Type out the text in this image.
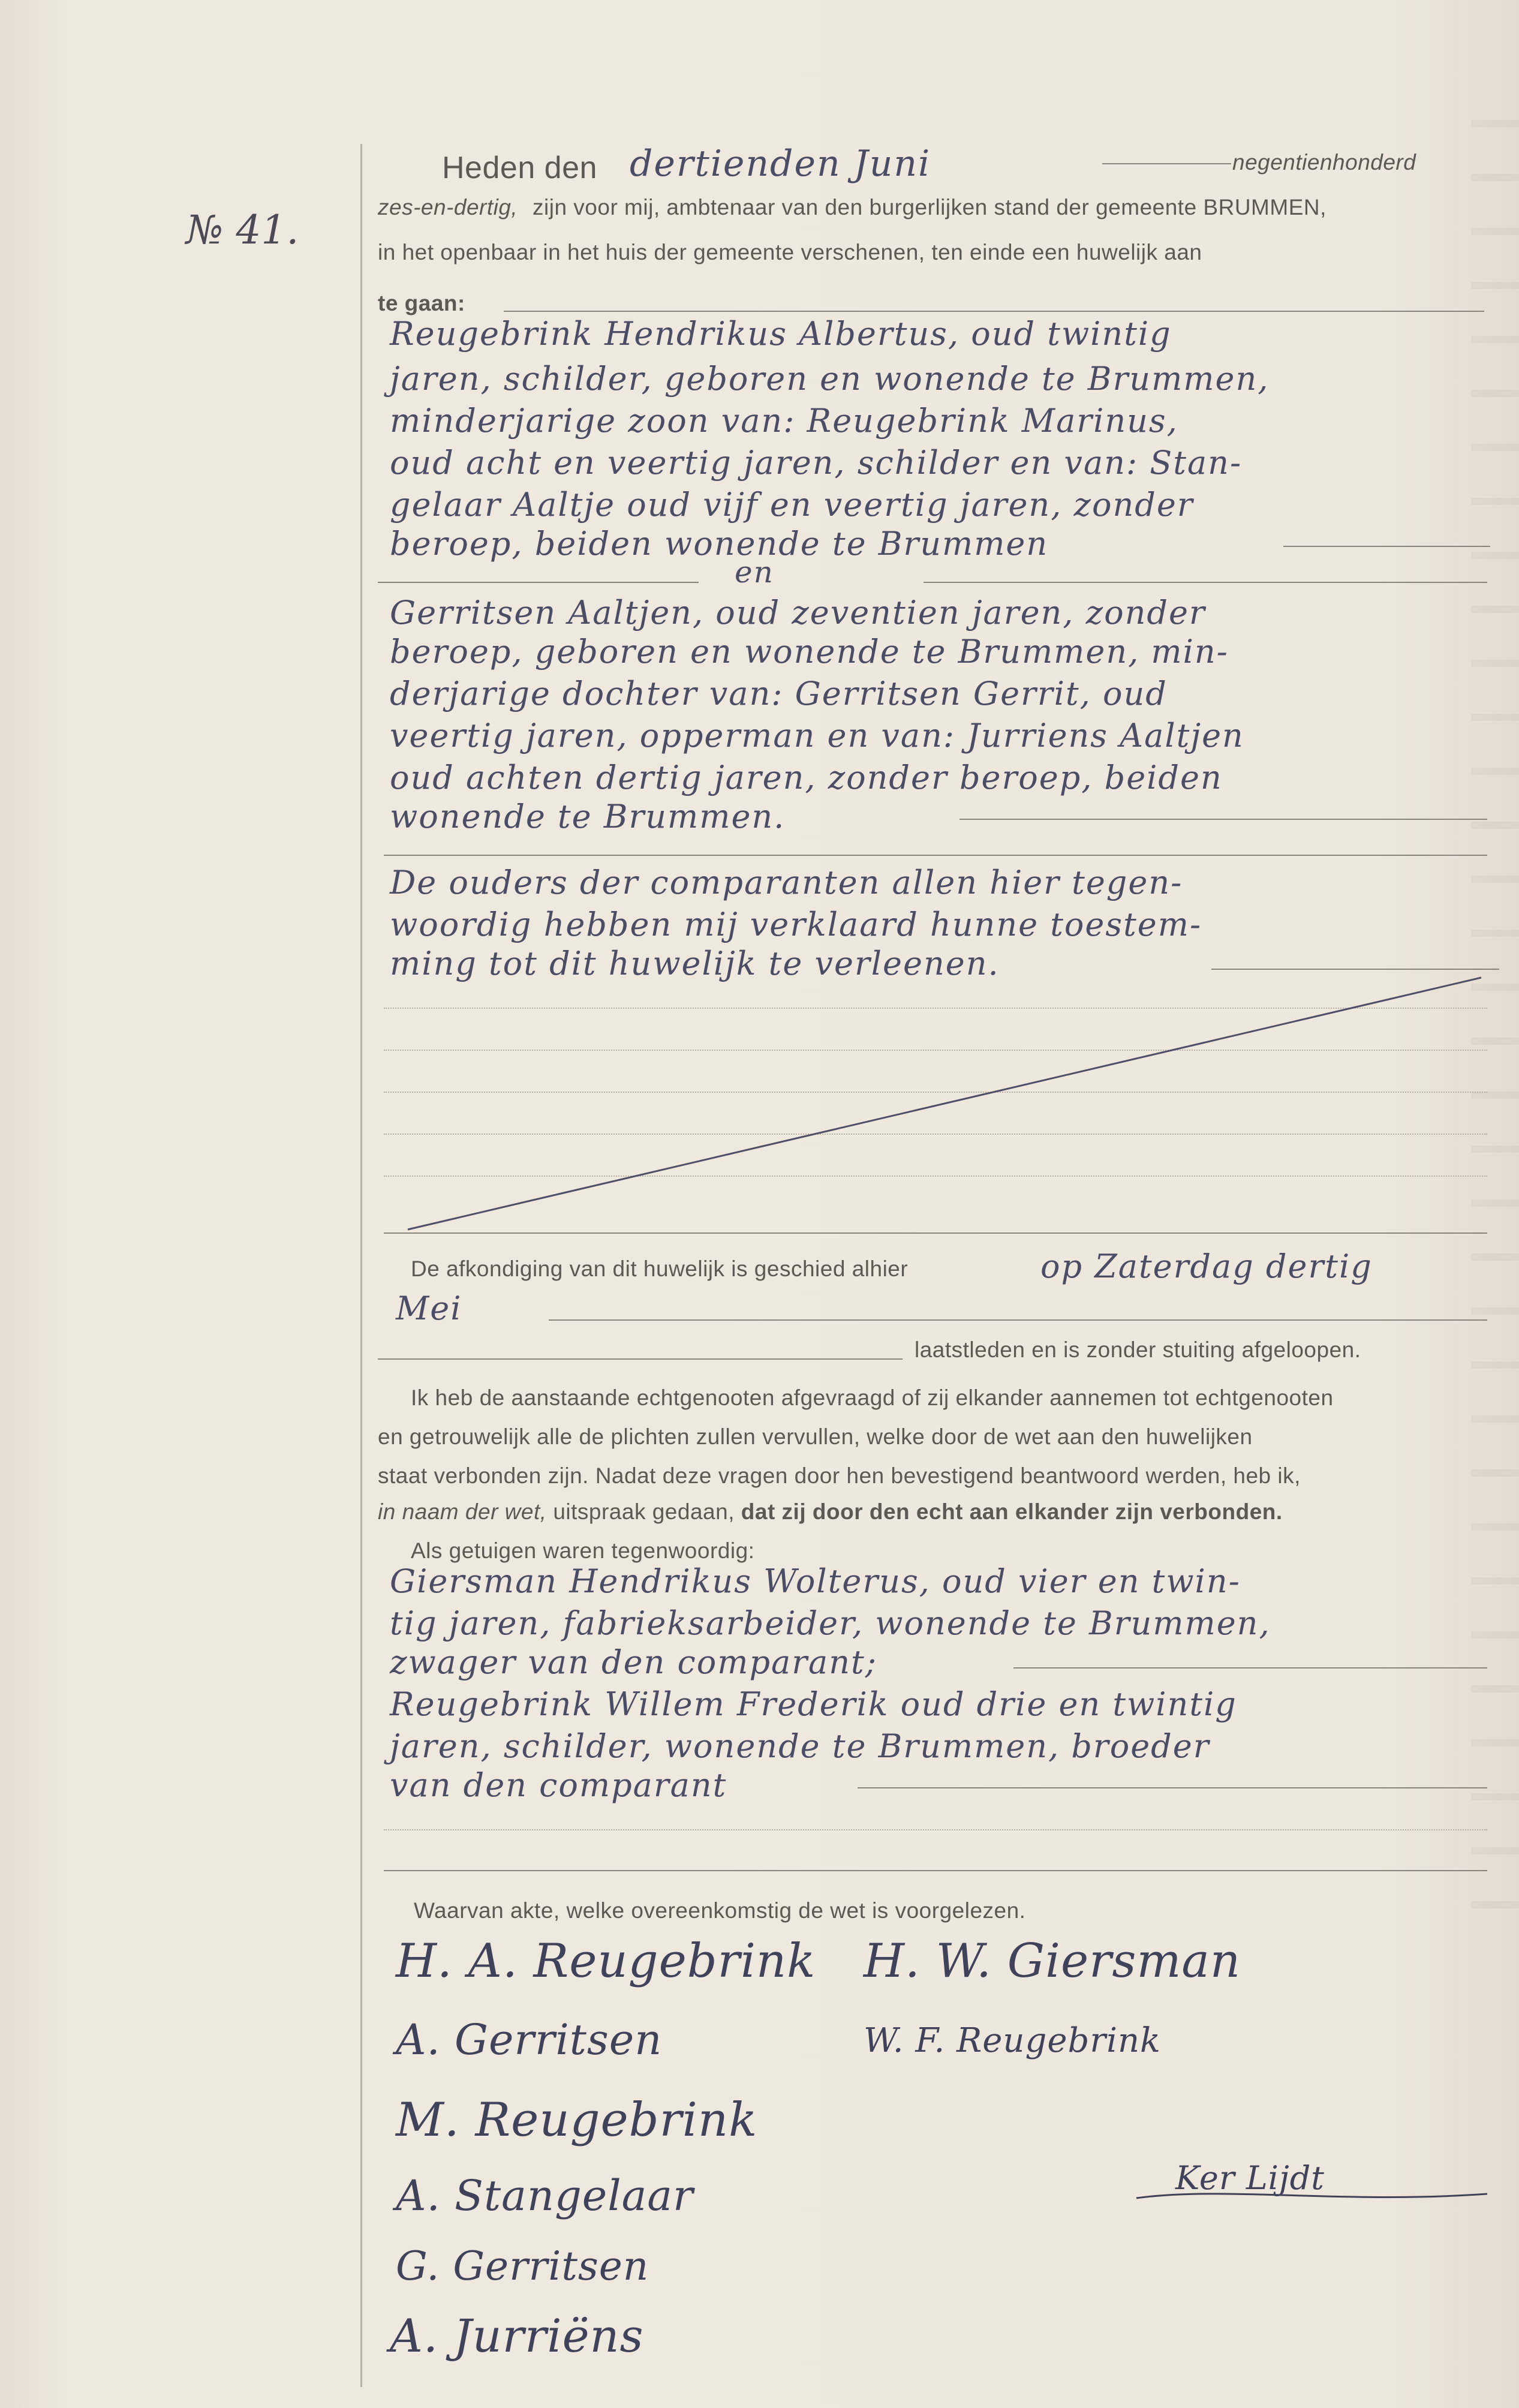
№ 41.
Heden den dertienden Juni	negentienhonderd
zes-en-dertig, zijn voor mij, ambtenaar van den burgerlijken stand der gemeente BRUMMEN,
in het openbaar in het huis der gemeente verschenen, ten einde een huwelijk aan
te gaan:
Reugebrink Hendrikus Albertus, oud twintig
jaren, schilder, geboren en wonende te Brummen,
minderjarige zoon van: Reugebrink Marinus,
oud acht en veertig jaren, schilder en van: Stan-
gelaar Aaltje oud vijf en veertig jaren, zonder
beroep, beiden wonende te Brummen
en
Gerritsen Aaltjen, oud zeventien jaren, zonder
beroep, geboren en wonende te Brummen, min-
derjarige dochter van: Gerritsen Gerrit, oud
veertig jaren, opperman en van: Jurriens Aaltjen
oud achten dertig jaren, zonder beroep, beiden
wonende te Brummen.
De ouders der comparanten allen hier tegen-
woordig hebben mij verklaard hunne toestem-
ming tot dit huwelijk te verleenen.
De afkondiging van dit huwelijk is geschied alhier	op Zaterdag dertig
Mei
laatstleden en is zonder stuiting afgeloopen.
Ik heb de aanstaande echtgenooten afgevraagd of zij elkander aannemen tot echtgenooten
en getrouwelijk alle de plichten zullen vervullen, welke door de wet aan den huwelijken
staat verbonden zijn. Nadat deze vragen door hen bevestigend beantwoord werden, heb ik,
in naam der wet, uitspraak gedaan, dat zij door den echt aan elkander zijn verbonden.
Als getuigen waren tegenwoordig:
Giersman Hendrikus Wolterus, oud vier en twin-
tig jaren, fabrieksarbeider, wonende te Brummen,
zwager van den comparant;
Reugebrink Willem Frederik oud drie en twintig
jaren, schilder, wonende te Brummen, broeder
van den comparant
Waarvan akte, welke overeenkomstig de wet is voorgelezen.
H. A. Reugebrink H. W. Giersman
A. Gerritsen	W. F. Reugebrink
M. Reugebrink
A. Stangelaar
G. Gerritsen
A. Jurriëns
Ker Lijdt
